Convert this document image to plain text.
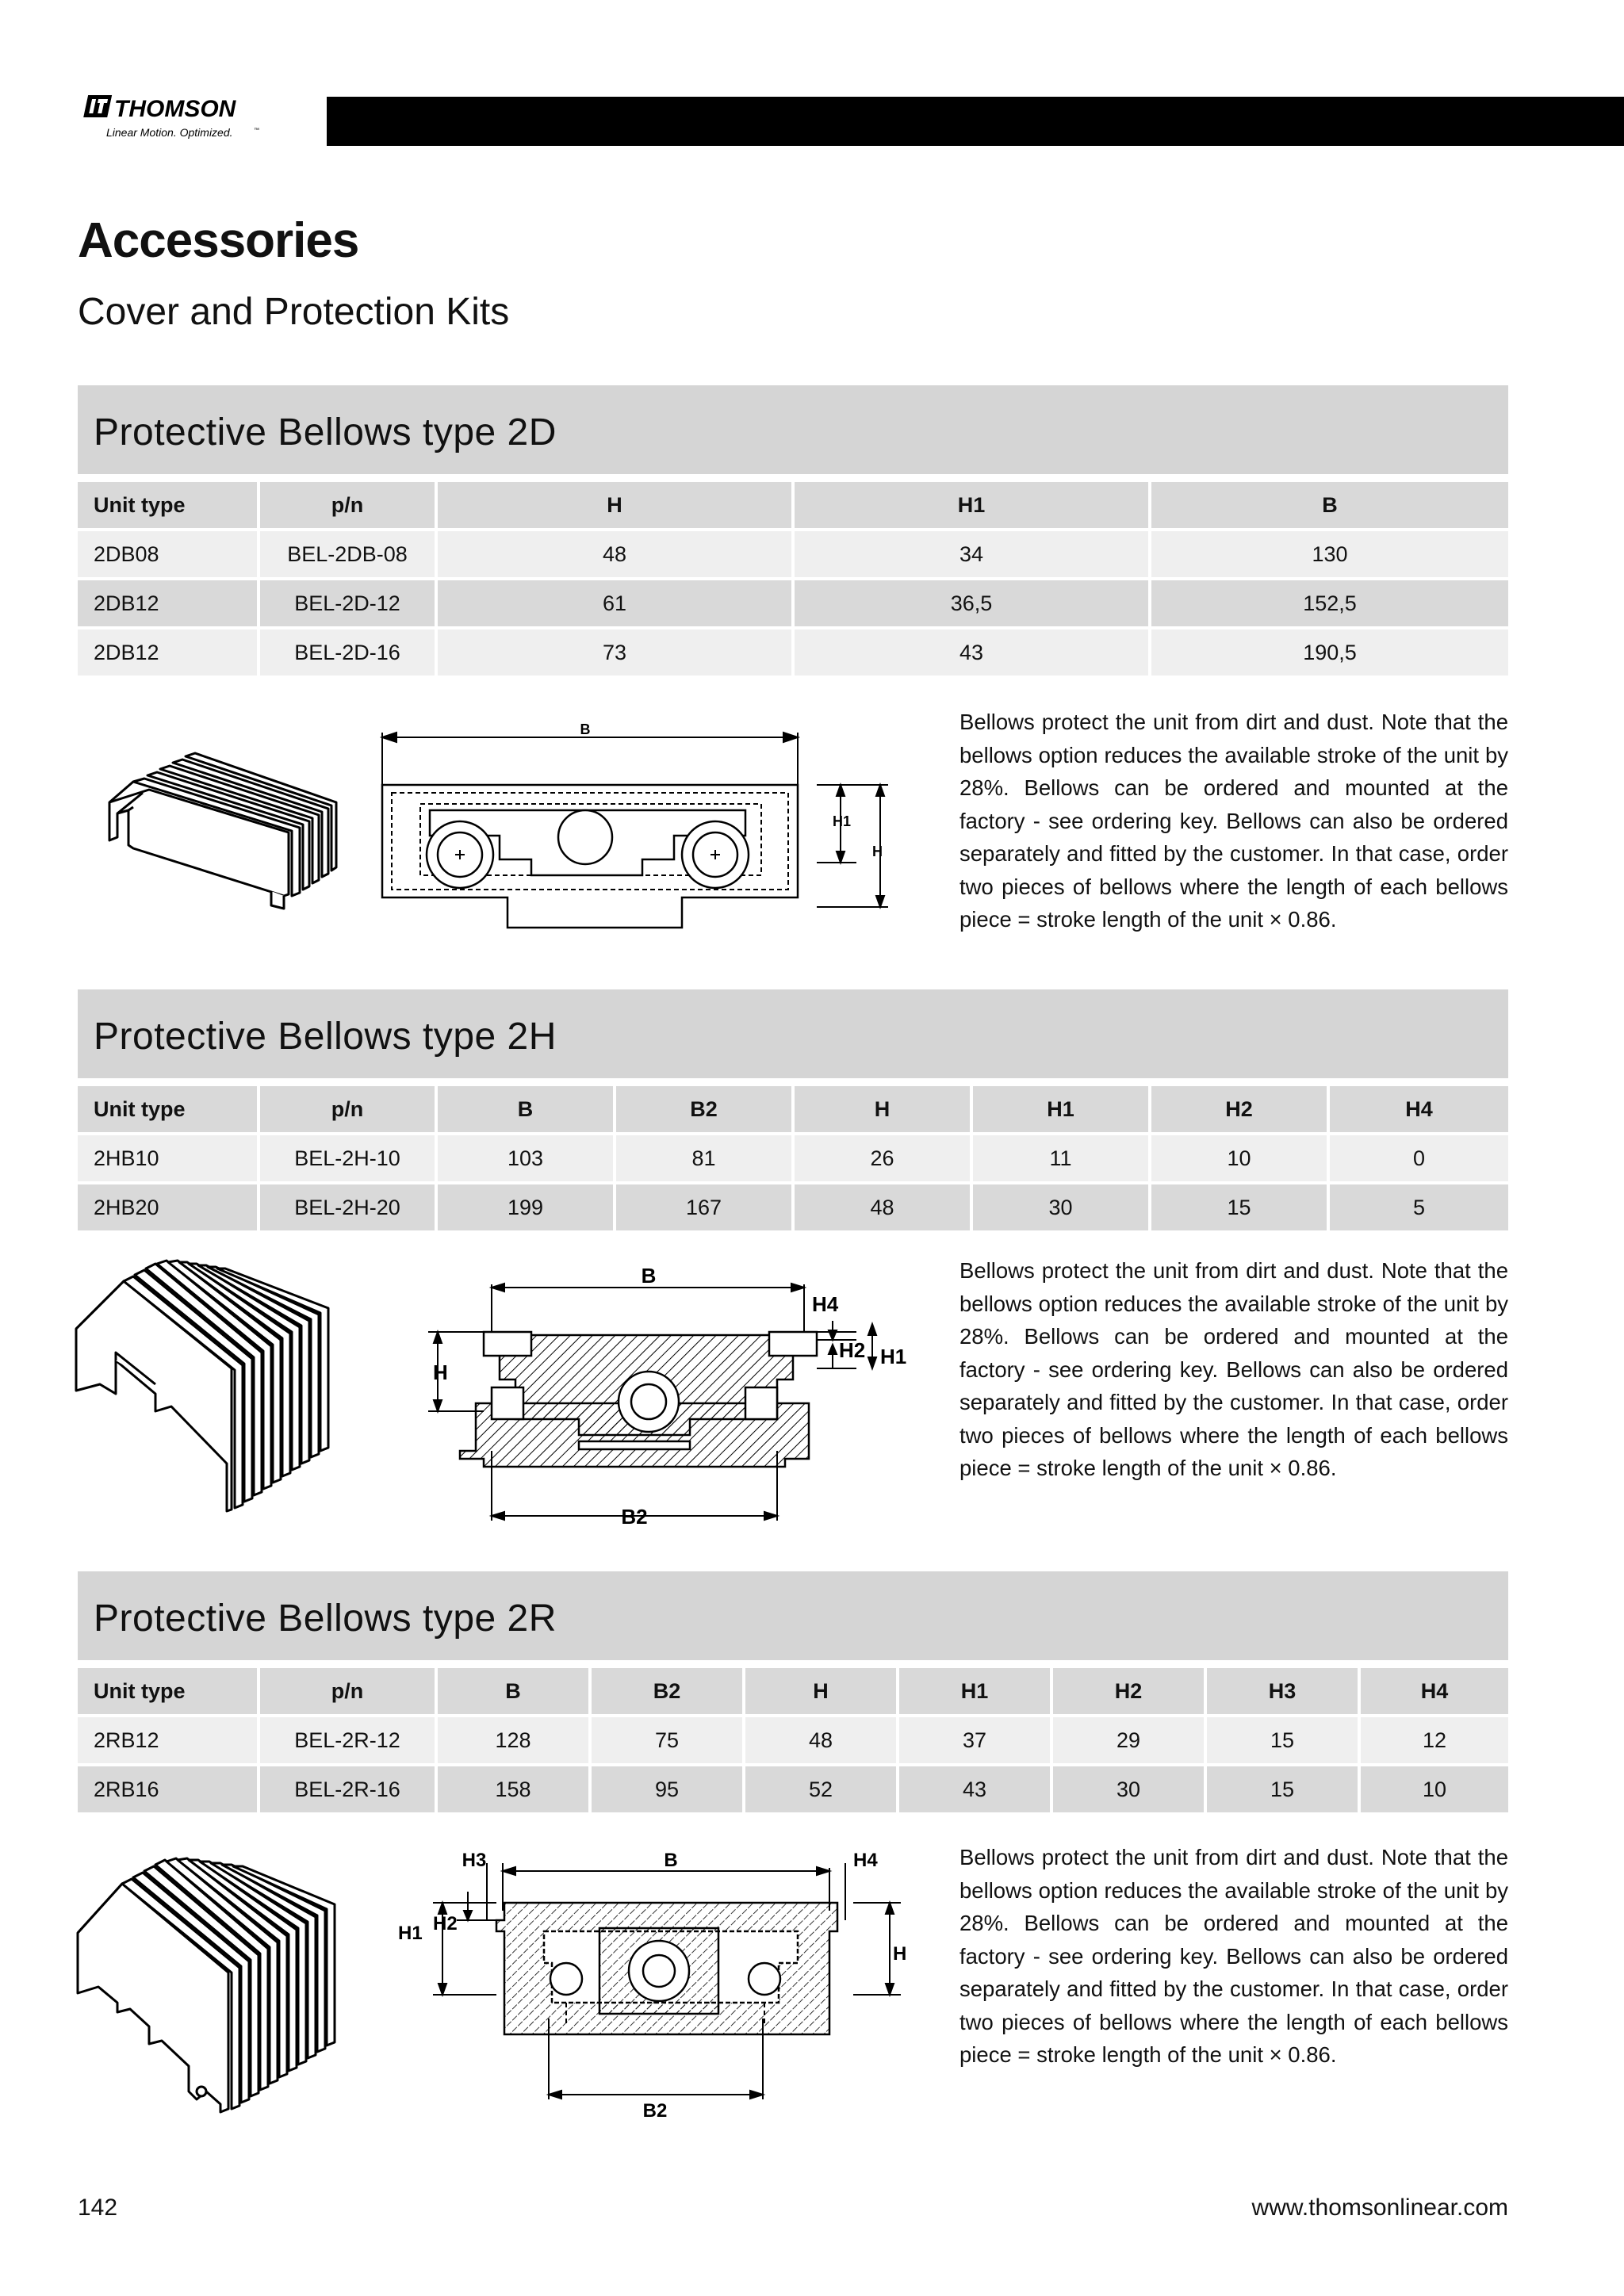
THOMSON
Linear Motion. Optimized.	™
Accessories
Cover and Protection Kits
Protective Bellows type 2D
Unit type	p/n	H	H1	B
2DB08	BEL-2DB-08	48	34	130
2DB12	BEL-2D-12	61	36,5	152,5
2DB12	BEL-2D-16	73	43	190,5
B
H1
H

Bellows protect the unit from dirt and dust. Note that the bellows option reduces the available stroke of the unit by 28%. Bellows can be ordered and mounted at the factory - see ordering key. Bellows can also be ordered separately and fitted by the customer. In that case, order two pieces of bellows where the length of each bellows piece = stroke length of the unit × 0.86.

Protective Bellows type 2H
Unit type	p/n	B	B2	H	H1	H2	H4
2HB10	BEL-2H-10	103	81	26	11	10	0
2HB20	BEL-2H-20	199	167	48	30	15	5
B
H4
H2 H1
H
B2

Bellows protect the unit from dirt and dust. Note that the bellows option reduces the available stroke of the unit by 28%. Bellows can be ordered and mounted at the factory - see ordering key. Bellows can also be ordered separately and fitted by the customer. In that case, order two pieces of bellows where the length of each bellows piece = stroke length of the unit × 0.86.

Protective Bellows type 2R
Unit type	p/n	B	B2	H	H1	H2	H3	H4
2RB12	BEL-2R-12	128	75	48	37	29	15	12
2RB16	BEL-2R-16	158	95	52	43	30	15	10
H3	B	H4
H2
H1
H
B2

Bellows protect the unit from dirt and dust. Note that the bellows option reduces the available stroke of the unit by 28%. Bellows can be ordered and mounted at the factory - see ordering key. Bellows can also be ordered separately and fitted by the customer. In that case, order two pieces of bellows where the length of each bellows piece = stroke length of the unit × 0.86.

142	www.thomsonlinear.com
